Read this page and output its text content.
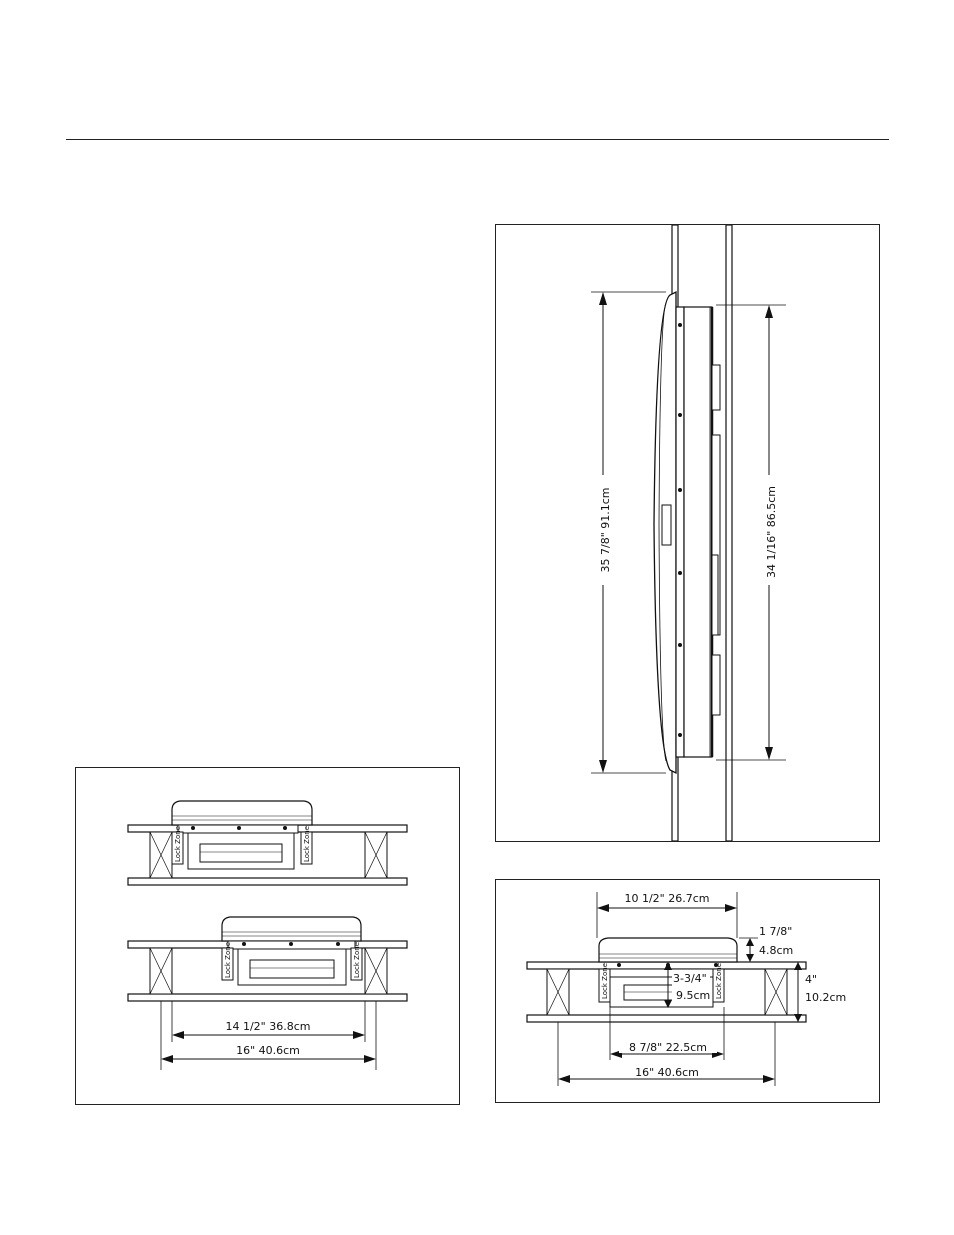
35 7/8" 91.1cm	34 1/16" 86.5cm
10 1/2" 26.7cm
Lock Zone	Lock Zone
1 7/8"
4.8cm
3-3/4"
9.5cm
4"
10.2cm
8 7/8" 22.5cm
16" 40.6cm
Lock Zone	Lock Zone
Lock Zone	Lock Zone
14 1/2" 36.8cm
16" 40.6cm
